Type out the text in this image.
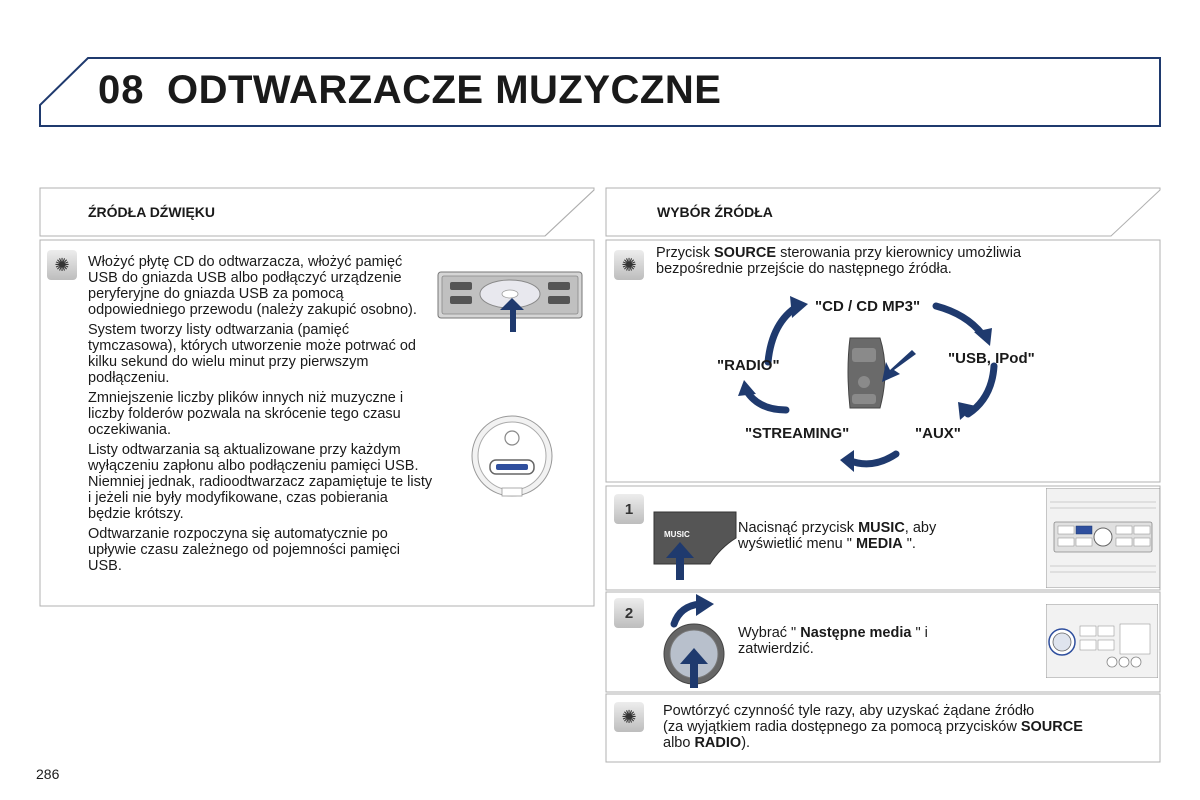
08 ODTWARZACZE MUZYCZNE
ŹRÓDŁA DŹWIĘKU
✺	Włożyć płytę CD do odtwarzacza, włożyć pamięć USB do gniazda USB albo podłączyć urządzenie peryferyjne do gniazda USB za pomocą odpowiedniego przewodu (należy zakupić osobno).

System tworzy listy odtwarzania (pamięć tymczasowa), których utworzenie może potrwać od kilku sekund do wielu minut przy pierwszym podłączeniu.

Zmniejszenie liczby plików innych niż muzyczne i liczby folderów pozwala na skrócenie tego czasu oczekiwania.

Listy odtwarzania są aktualizowane przy każdym wyłączeniu zapłonu albo podłączeniu pamięci USB. Niemniej jednak, radioodtwarzacz zapamiętuje te listy i jeżeli nie były modyfikowane, czas pobierania będzie krótszy.

Odtwarzanie rozpoczyna się automatycznie po upływie czasu zależnego od pojemności pamięci USB.

WYBÓR ŹRÓDŁA
✺
Przycisk SOURCE sterowania przy kierownicy umożliwia bezpośrednie przejście do następnego źródła.
"CD / CD MP3"
"USB, IPod"
"AUX"
"STREAMING"
"RADIO"
1
MUSIC	Nacisnąć przycisk MUSIC, aby wyświetlić menu " MEDIA ".
2
Wybrać " Następne media " i zatwierdzić.
✺	Powtórzyć czynność tyle razy, aby uzyskać żądane źródło
(za wyjątkiem radia dostępnego za pomocą przycisków SOURCE
albo RADIO).
286
